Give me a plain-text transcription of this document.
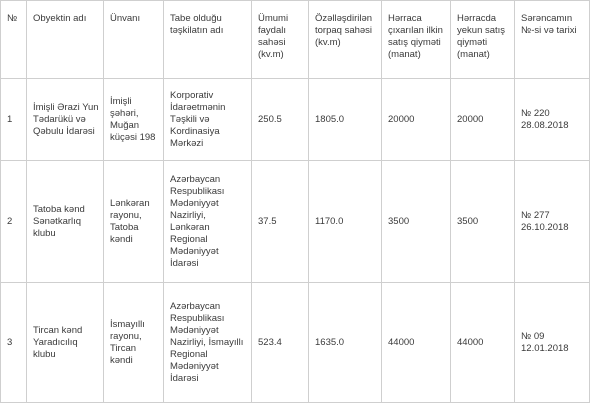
№	Obyektin adı	Ünvanı	Tabe olduğu təşkilatın adı	Ümumi faydalı sahəsi (kv.m)	Özəlləşdirilən torpaq sahəsi (kv.m)	Hərraca çıxarılan ilkin satış qiyməti (manat)	Hərracda yekun satış qiyməti (manat)	Sərəncamın №-si və tarixi
1	İmişli Ərazi Yun Tədarükü və Qəbulu İdarəsi	İmişli şəhəri, Muğan küçəsi 198	Korporativ İdarəetmənin Təşkili və Kordinasiya Mərkəzi	250.5	1805.0	20000	20000	№ 220
28.08.2018

2	Tatoba kənd Sənətkarlıq klubu	Lənkəran rayonu, Tatoba kəndi	Azərbaycan Respublikası Mədəniyyət Nazirliyi, Lənkəran Regional Mədəniyyət İdarəsi	37.5	1170.0	3500	3500	№ 277
26.10.2018

3	Tircan kənd Yaradıcılıq klubu	İsmayıllı rayonu, Tircan kəndi	Azərbaycan Respublikası Mədəniyyət Nazirliyi, İsmayıllı Regional Mədəniyyət İdarəsi	523.4	1635.0	44000	44000	№ 09
12.01.2018
